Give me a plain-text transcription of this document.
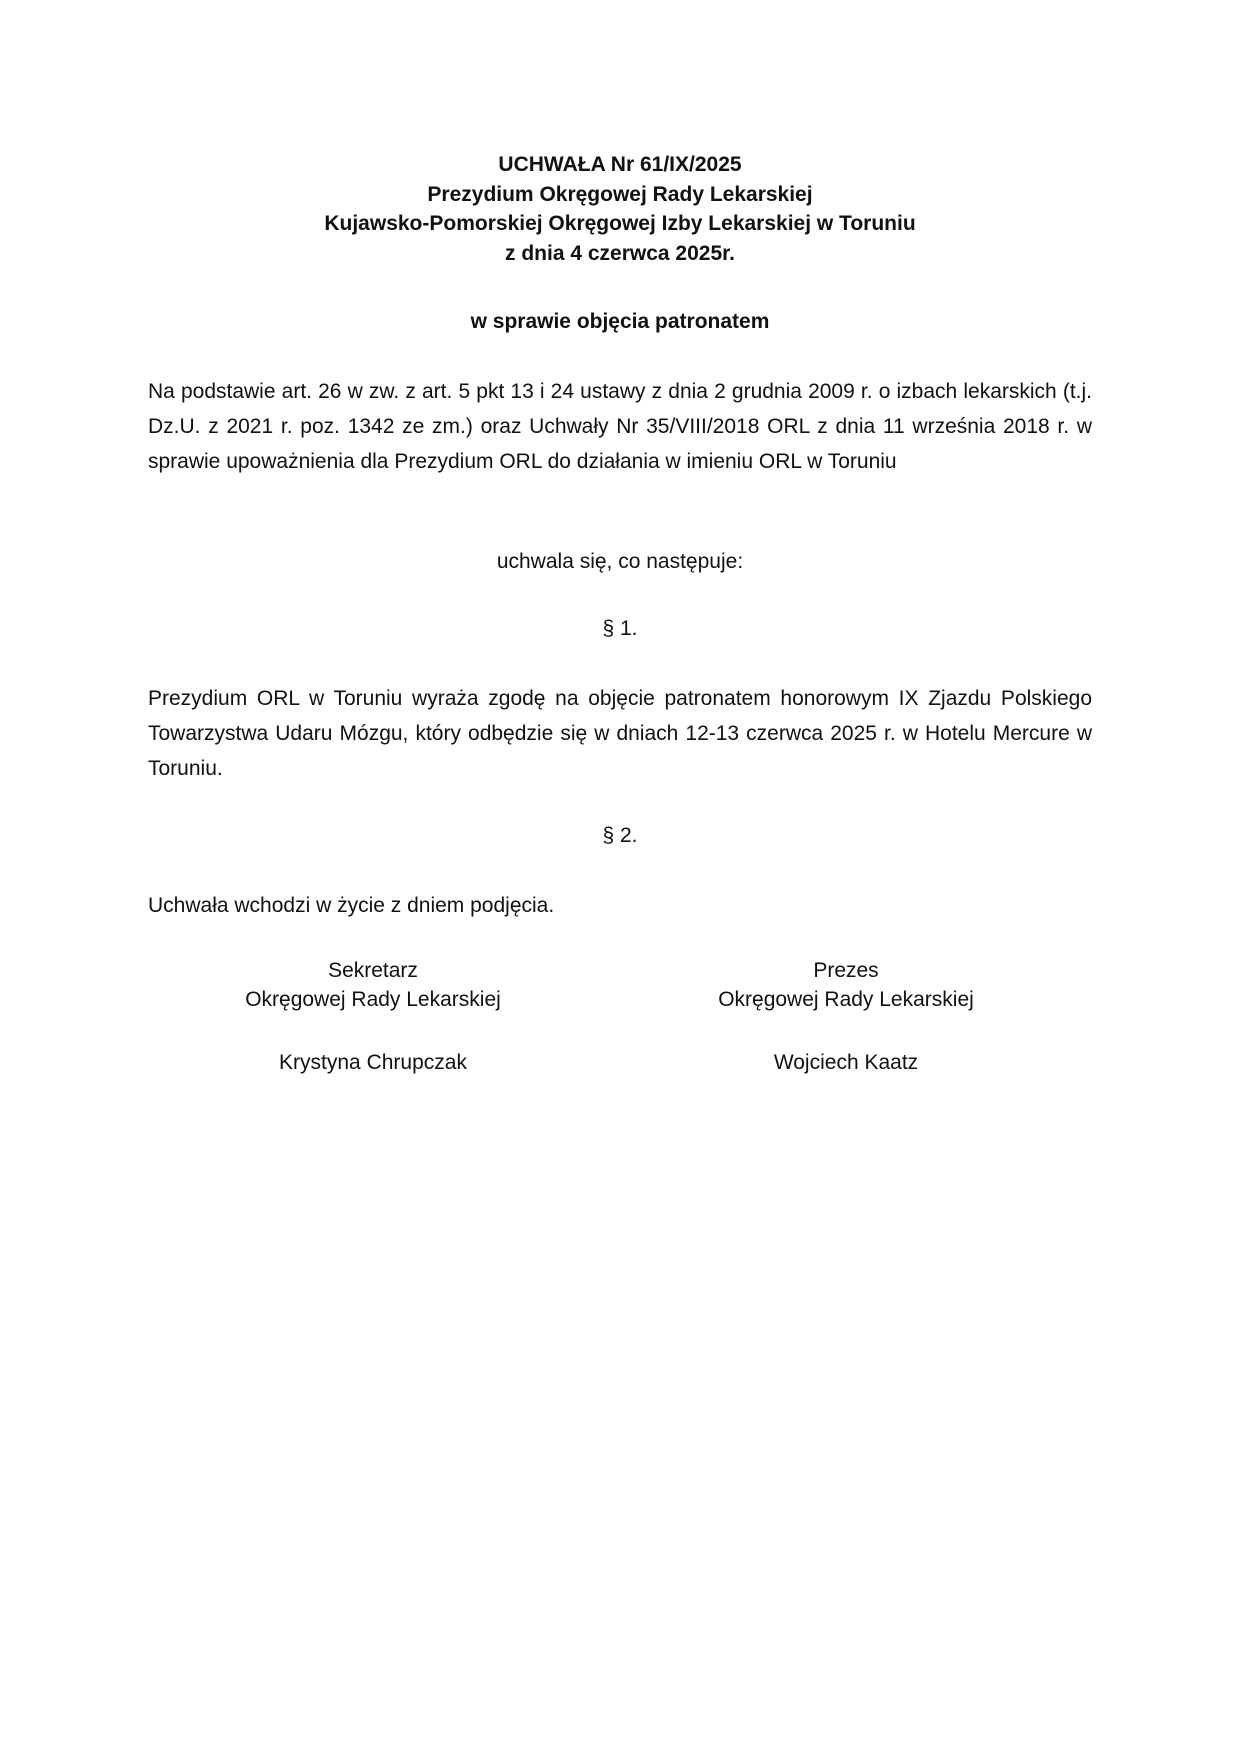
UCHWAŁA Nr 61/IX/2025
Prezydium Okręgowej Rady Lekarskiej
Kujawsko-Pomorskiej Okręgowej Izby Lekarskiej w Toruniu
z dnia 4 czerwca 2025r.
w sprawie objęcia patronatem
Na podstawie art. 26 w zw. z art. 5 pkt 13 i 24 ustawy z dnia 2 grudnia 2009 r. o izbach lekarskich (t.j. Dz.U. z 2021 r. poz. 1342 ze zm.) oraz Uchwały Nr 35/VIII/2018 ORL z dnia 11 września 2018 r. w sprawie upoważnienia dla Prezydium ORL do działania w imieniu ORL w Toruniu
uchwala się, co następuje:
§ 1.
Prezydium ORL w Toruniu wyraża zgodę na objęcie patronatem honorowym IX Zjazdu Polskiego Towarzystwa Udaru Mózgu, który odbędzie się w dniach 12-13 czerwca 2025 r. w Hotelu Mercure w Toruniu.
§ 2.
Uchwała wchodzi w życie z dniem podjęcia.
Sekretarz
Okręgowej Rady Lekarskiej
Krystyna Chrupczak
Prezes
Okręgowej Rady Lekarskiej
Wojciech Kaatz
